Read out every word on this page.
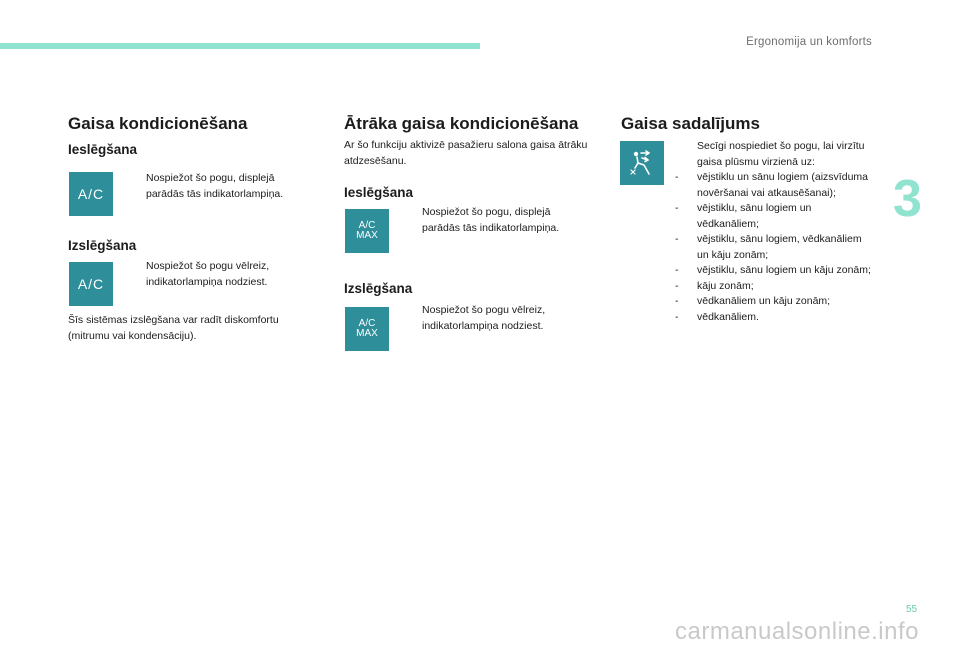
Ergonomija un komforts
3
Gaisa kondicionēšana
Ieslēgšana
A/C
Nospiežot šo pogu, displejā parādās tās indikatorlampiņa.
Izslēgšana
A/C
Nospiežot šo pogu vēlreiz, indikatorlampiņa nodziest.

Šīs sistēmas izslēgšana var radīt diskomfortu (mitrumu vai kondensāciju).

Ātrāka gaisa kondicionēšana

Ar šo funkciju aktivizē pasažieru salona gaisa ātrāku atdzesēšanu.

Ieslēgšana
A/C
MAX
Nospiežot šo pogu, displejā parādās tās indikatorlampiņa.
Izslēgšana
A/C
MAX
Nospiežot šo pogu vēlreiz, indikatorlampiņa nodziest.
Gaisa sadalījums
Secīgi nospiediet šo pogu, lai virzītu gaisa plūsmu virzienā uz:
-	vējstiklu un sānu logiem (aizsvīduma novēršanai vai atkausēšanai);
-	vējstiklu, sānu logiem un vēdkanāliem;
-	vējstiklu, sānu logiem, vēdkanāliem un kāju zonām;
-	vējstiklu, sānu logiem un kāju zonām;
-	kāju zonām;
-	vēdkanāliem un kāju zonām;
-	vēdkanāliem.
55
carmanualsonline.info
